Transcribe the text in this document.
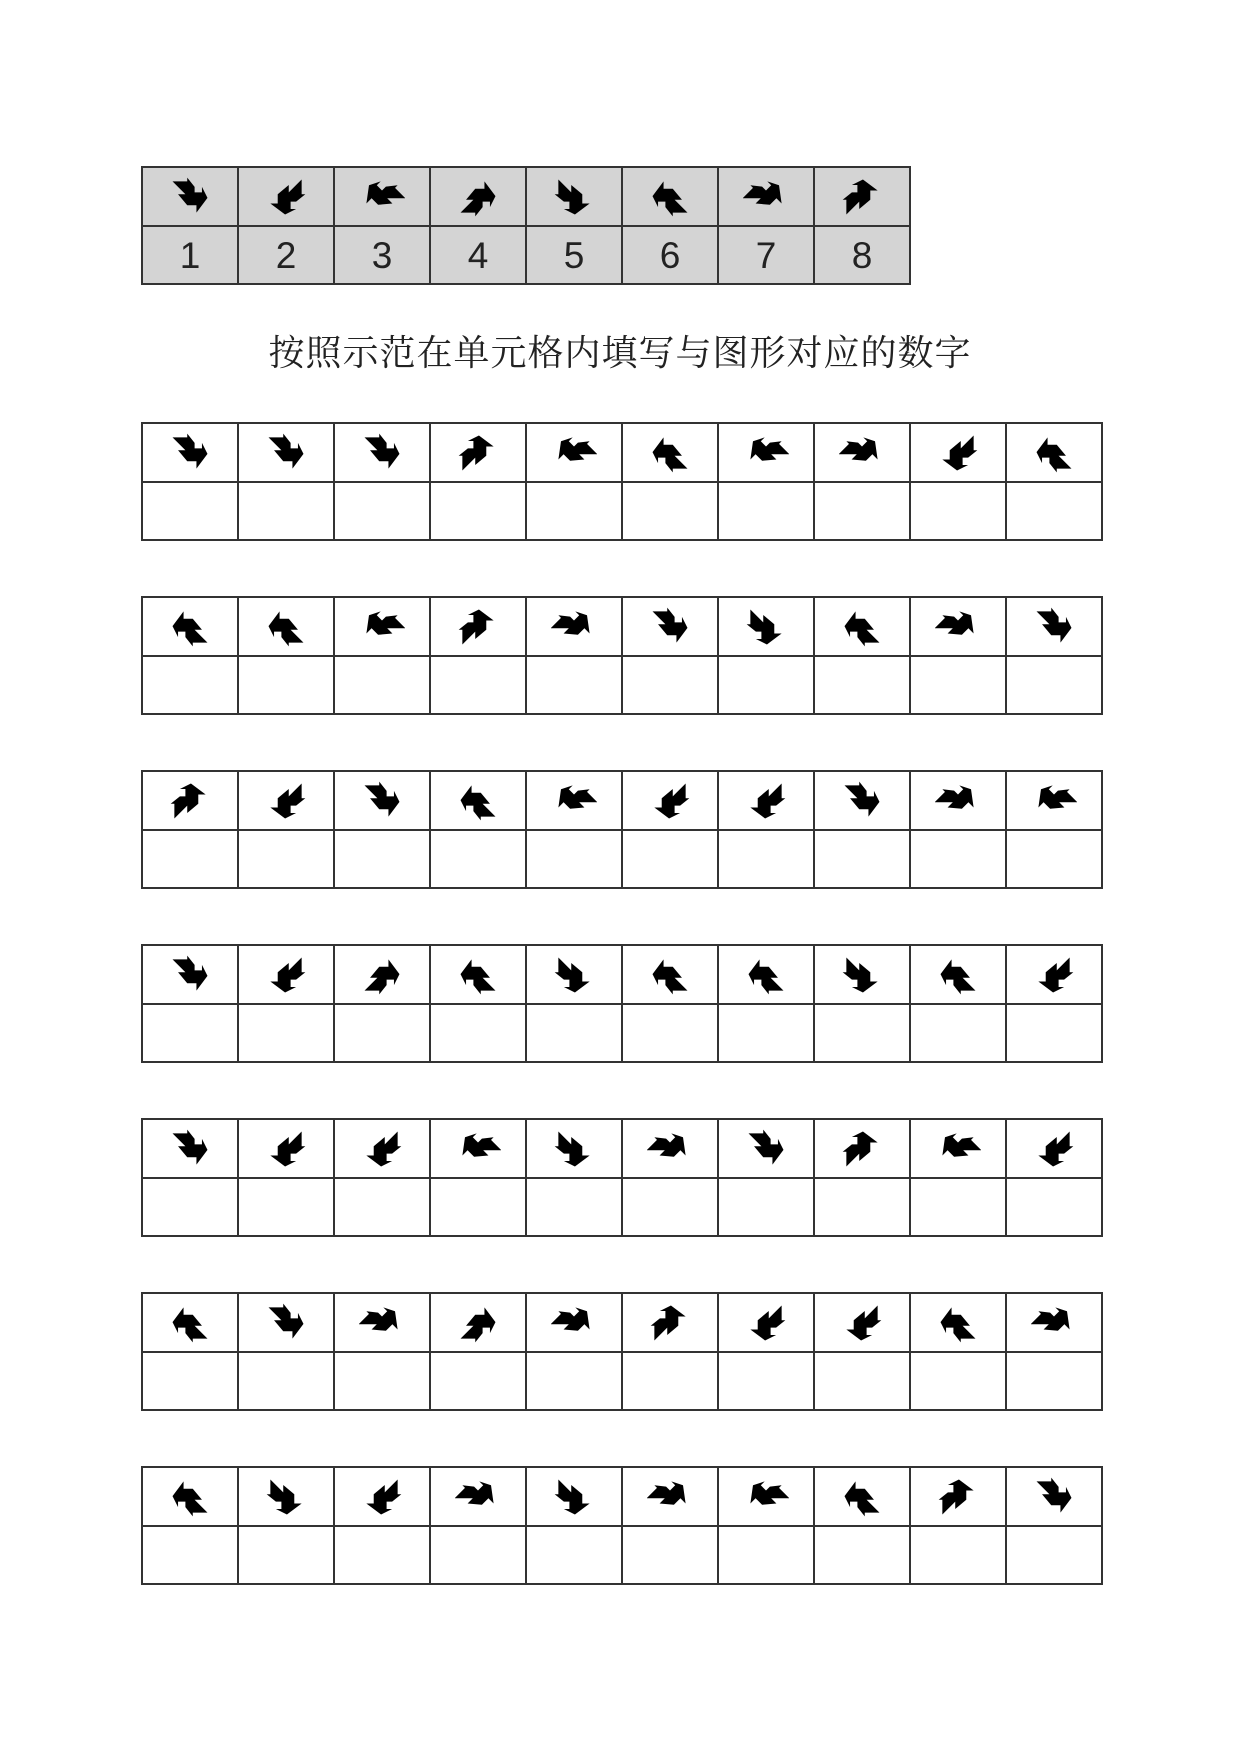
1	2	3	4	5	6	7	8
按照示范在单元格内填写与图形对应的数字
